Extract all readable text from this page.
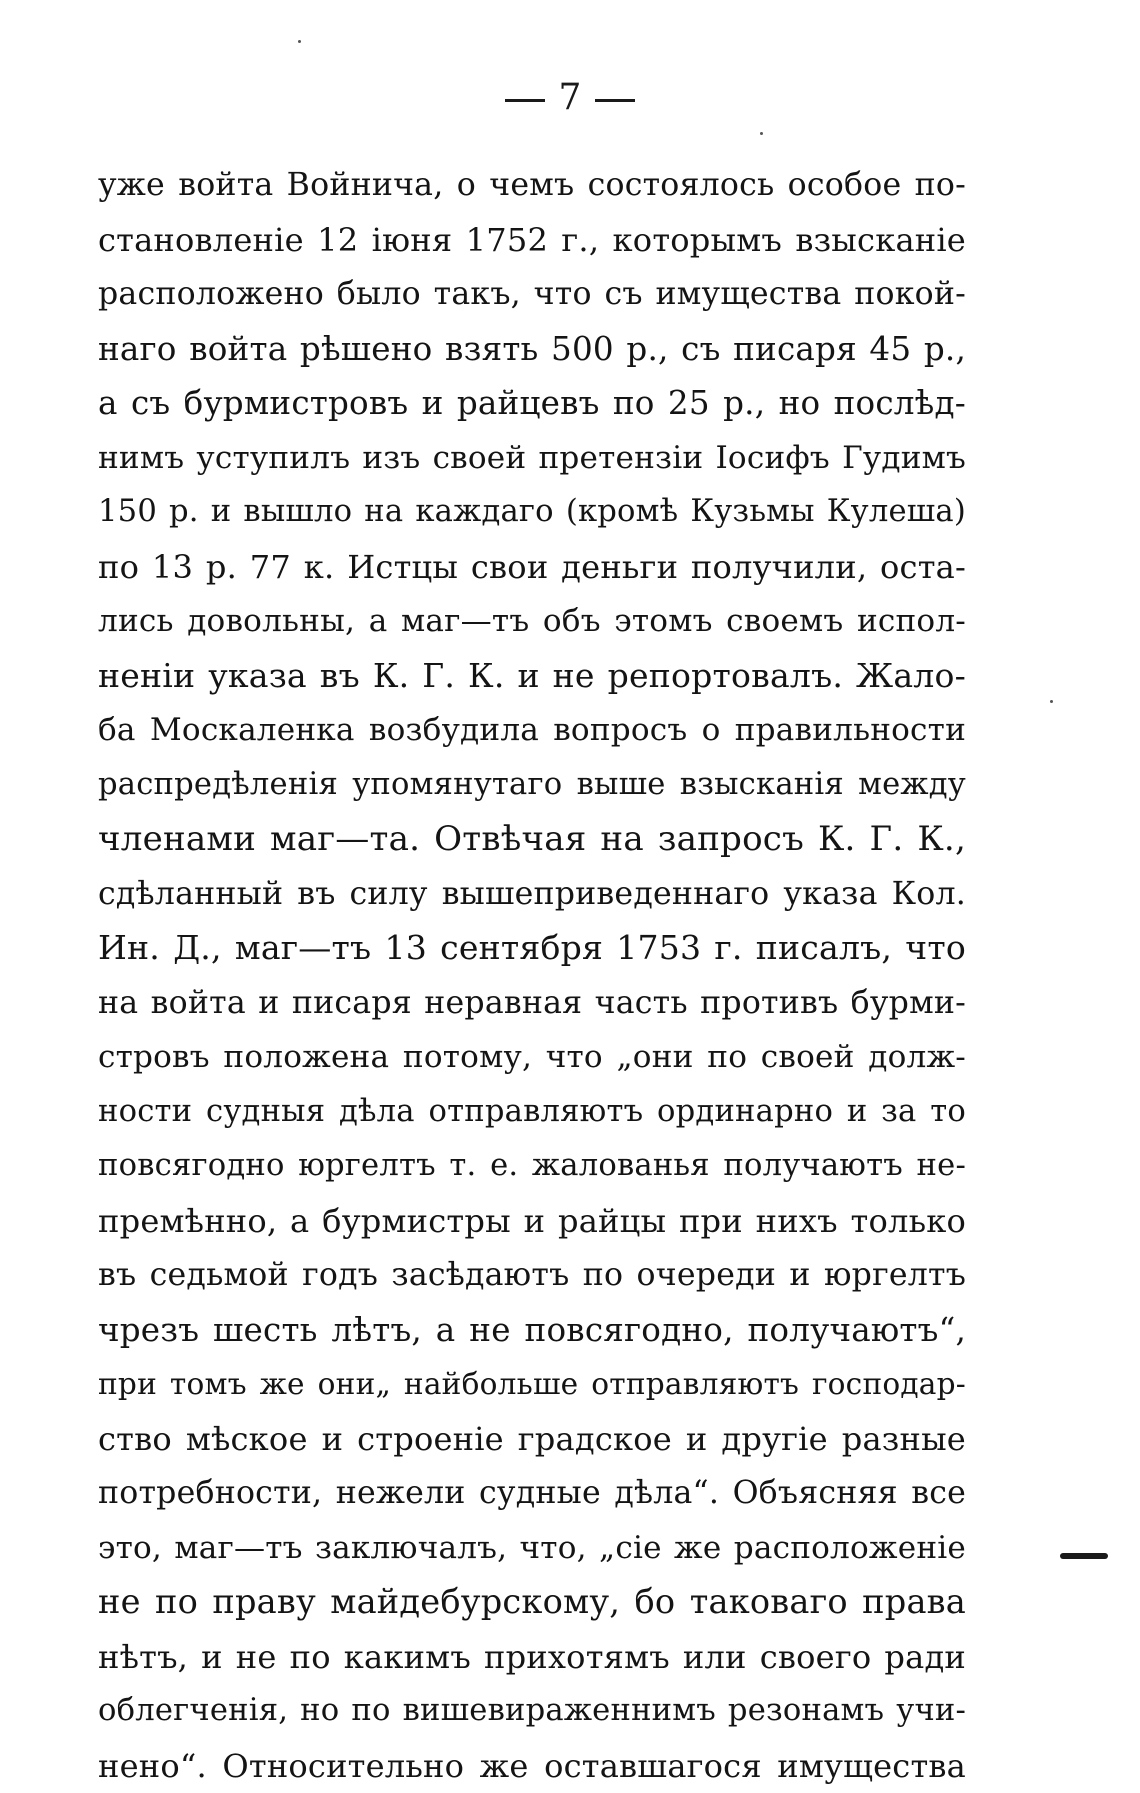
7
уже войта Войнича, о чемъ состоялось особое по-
становленіе 12 іюня 1752 г., которымъ взысканіе
расположено было такъ, что съ имущества покой-
наго войта рѣшено взять 500 р., съ писаря 45 р.,
а съ бурмистровъ и райцевъ по 25 р., но послѣд-
нимъ уступилъ изъ своей претензіи Іосифъ Гудимъ
150 р. и вышло на каждаго (кромѣ Кузьмы Кулеша)
по 13 р. 77 к. Истцы свои деньги получили, оста-
лись довольны, а маг—тъ объ этомъ своемъ испол-
неніи указа въ К. Г. К. и не репортовалъ. Жало-
ба Москаленка возбудила вопросъ о правильности
распредѣленія упомянутаго выше взысканія между
членами маг—та. Отвѣчая на запросъ К. Г. К.,
сдѣланный въ силу вышеприведеннаго указа Кол.
Ин. Д., маг—тъ 13 сентября 1753 г. писалъ, что
на войта и писаря неравная часть противъ бурми-
стровъ положена потому, что „они по своей долж-
ности судныя дѣла отправляютъ ординарно и за то
повсягодно юргелтъ т. е. жалованья получаютъ не-
премѣнно, а бурмистры и райцы при нихъ только
въ седьмой годъ засѣдаютъ по очереди и юргелтъ
чрезъ шесть лѣтъ, а не повсягодно, получаютъ“,
при томъ же они„ найбольше отправляютъ господар-
ство мѣское и строеніе градское и другіе разные
потребности, нежели судные дѣла“. Объясняя все
это, маг—тъ заключалъ, что, „сіе же расположеніе
не по праву майдебурскому, бо таковаго права
нѣтъ, и не по какимъ прихотямъ или своего ради
облегченія, но по вишевираженнимъ резонамъ учи-
нено“. Относительно же оставшагося имущества
